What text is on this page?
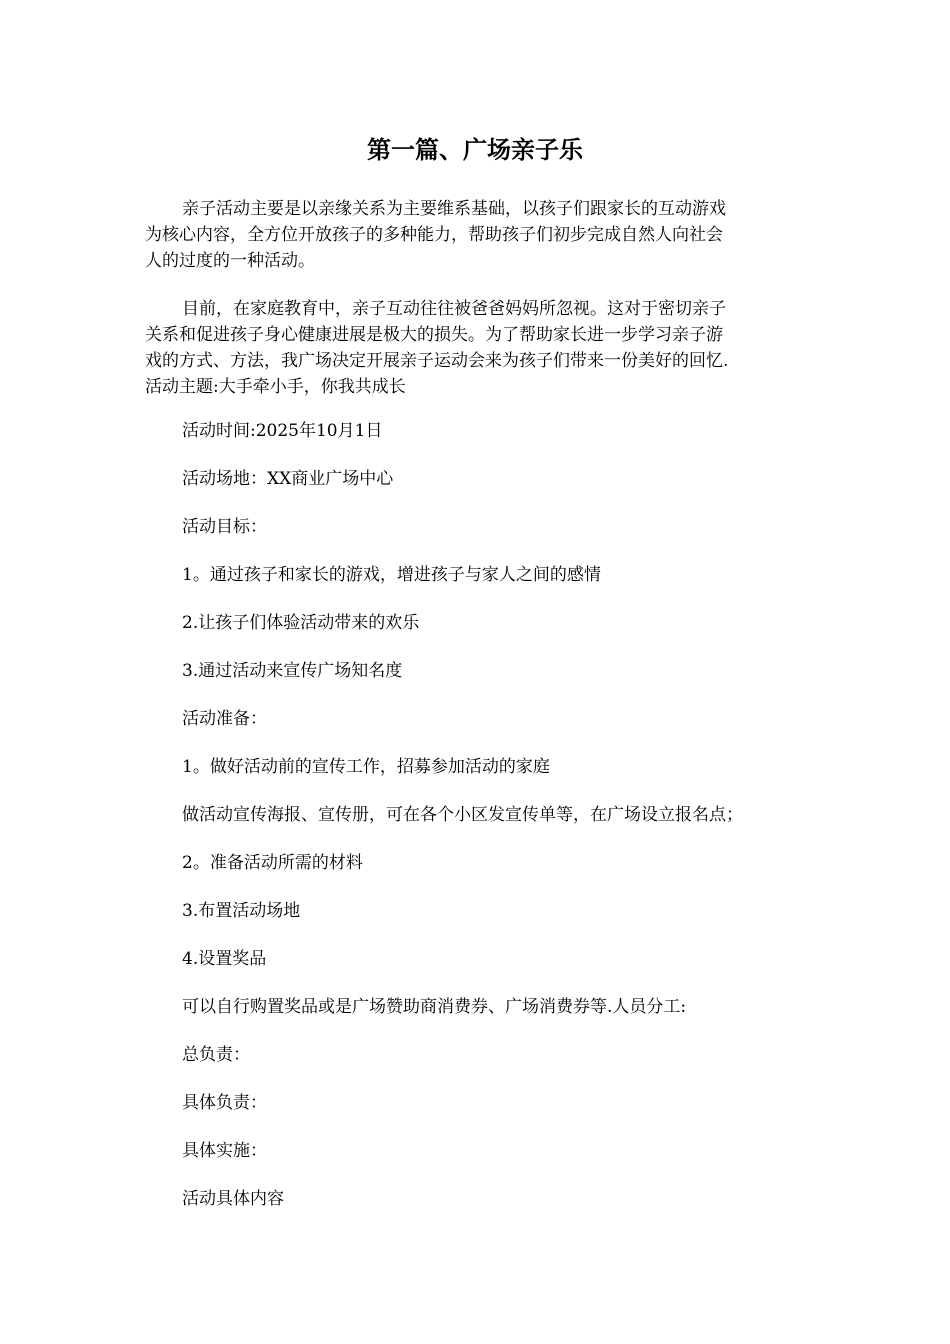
第一篇、广场亲子乐

亲子活动主要是以亲缘关系为主要维系基础，以孩子们跟家长的互动游戏
为核心内容，全方位开放孩子的多种能力，帮助孩子们初步完成自然人向社会
人的过度的一种活动。

目前，在家庭教育中，亲子互动往往被爸爸妈妈所忽视。这对于密切亲子
关系和促进孩子身心健康进展是极大的损失。为了帮助家长进一步学习亲子游
戏的方式、方法，我广场决定开展亲子运动会来为孩子们带来一份美好的回忆.
活动主题:大手牵小手，你我共成长

活动时间:2025年10月1日
活动场地：XX商业广场中心
活动目标：
1。通过孩子和家长的游戏，增进孩子与家人之间的感情
2.让孩子们体验活动带来的欢乐
3.通过活动来宣传广场知名度
活动准备：
1。做好活动前的宣传工作，招募参加活动的家庭
做活动宣传海报、宣传册，可在各个小区发宣传单等，在广场设立报名点；
2。准备活动所需的材料
3.布置活动场地
4.设置奖品
可以自行购置奖品或是广场赞助商消费券、广场消费券等.人员分工:
总负责：
具体负责：
具体实施：
活动具体内容
